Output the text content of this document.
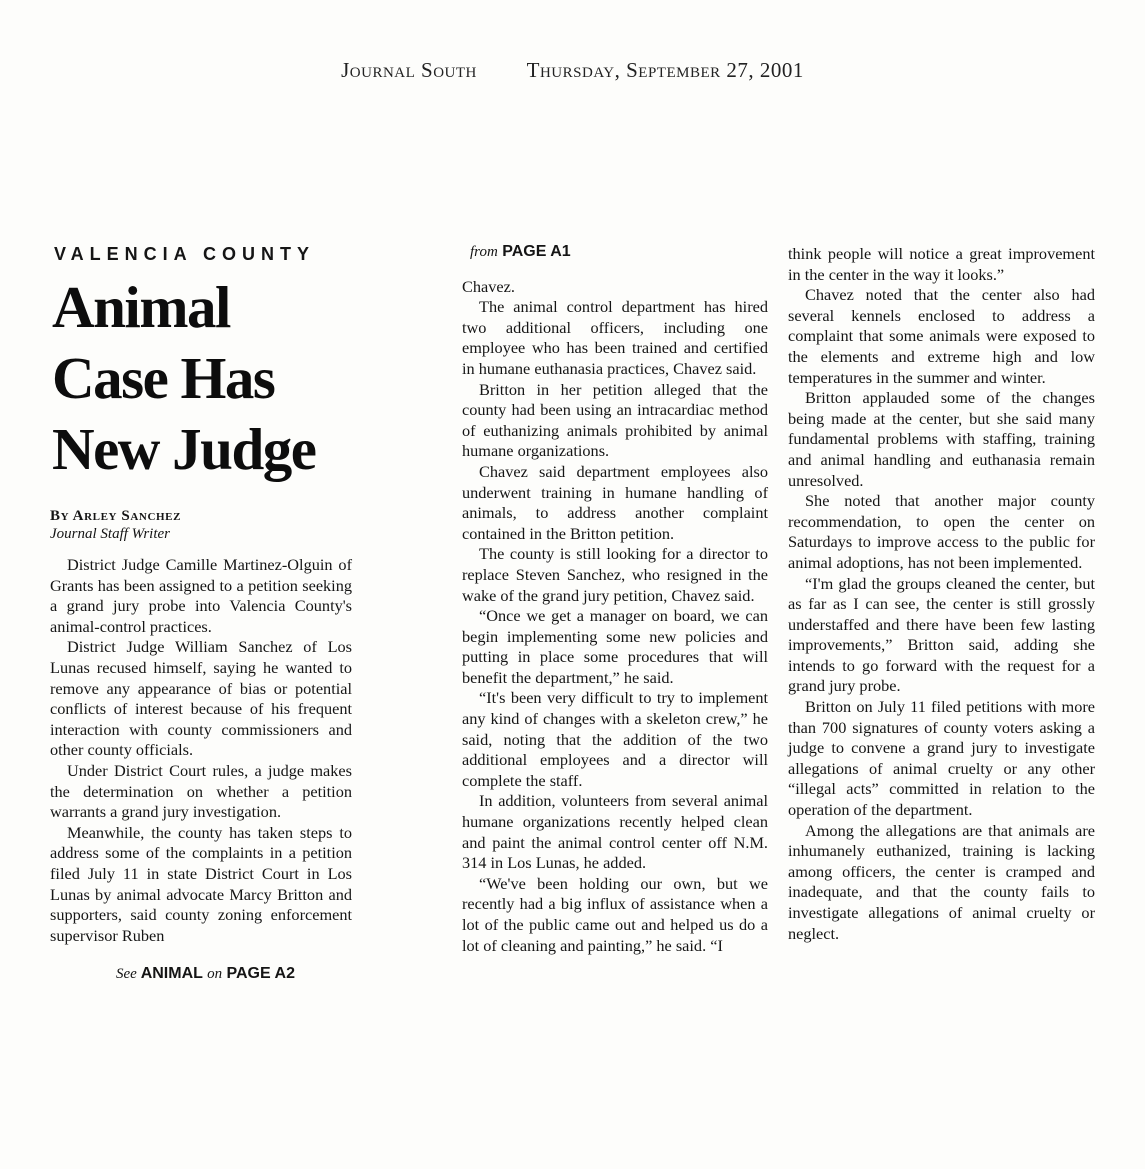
Journal South Thursday, September 27, 2001
VALENCIA COUNTY
Animal Case Has New Judge
By Arley Sanchez
Journal Staff Writer

District Judge Camille Martinez-Olguin of Grants has been assigned to a petition seeking a grand jury probe into Valencia County's animal-control practices.

District Judge William Sanchez of Los Lunas recused himself, saying he wanted to remove any appearance of bias or potential conflicts of interest because of his frequent interaction with county commissioners and other county officials.

Under District Court rules, a judge makes the determination on whether a petition warrants a grand jury investigation.

Meanwhile, the county has taken steps to address some of the complaints in a petition filed July 11 in state District Court in Los Lunas by animal advocate Marcy Britton and supporters, said county zoning enforcement supervisor Ruben

See ANIMAL on PAGE A2
from PAGE A1

Chavez.

The animal control department has hired two additional officers, including one employee who has been trained and certified in humane euthanasia practices, Chavez said.

Britton in her petition alleged that the county had been using an intracardiac method of euthanizing animals prohibited by animal humane organizations.

Chavez said department employees also underwent training in humane handling of animals, to address another complaint contained in the Britton petition.

The county is still looking for a director to replace Steven Sanchez, who resigned in the wake of the grand jury petition, Chavez said.

“Once we get a manager on board, we can begin implementing some new policies and putting in place some procedures that will benefit the department,” he said.

“It's been very difficult to try to implement any kind of changes with a skeleton crew,” he said, noting that the addition of the two additional employees and a director will complete the staff.

In addition, volunteers from several animal humane organizations recently helped clean and paint the animal control center off N.M. 314 in Los Lunas, he added.

“We've been holding our own, but we recently had a big influx of assistance when a lot of the public came out and helped us do a lot of cleaning and painting,” he said. “I

think people will notice a great improvement in the center in the way it looks.”

Chavez noted that the center also had several kennels enclosed to address a complaint that some animals were exposed to the elements and extreme high and low temperatures in the summer and winter.

Britton applauded some of the changes being made at the center, but she said many fundamental problems with staffing, training and animal handling and euthanasia remain unresolved.

She noted that another major county recommendation, to open the center on Saturdays to improve access to the public for animal adoptions, has not been implemented.

“I'm glad the groups cleaned the center, but as far as I can see, the center is still grossly understaffed and there have been few lasting improvements,” Britton said, adding she intends to go forward with the request for a grand jury probe.

Britton on July 11 filed petitions with more than 700 signatures of county voters asking a judge to convene a grand jury to investigate allegations of animal cruelty or any other “illegal acts” committed in relation to the operation of the department.

Among the allegations are that animals are inhumanely euthanized, training is lacking among officers, the center is cramped and inadequate, and that the county fails to investigate allegations of animal cruelty or neglect.
